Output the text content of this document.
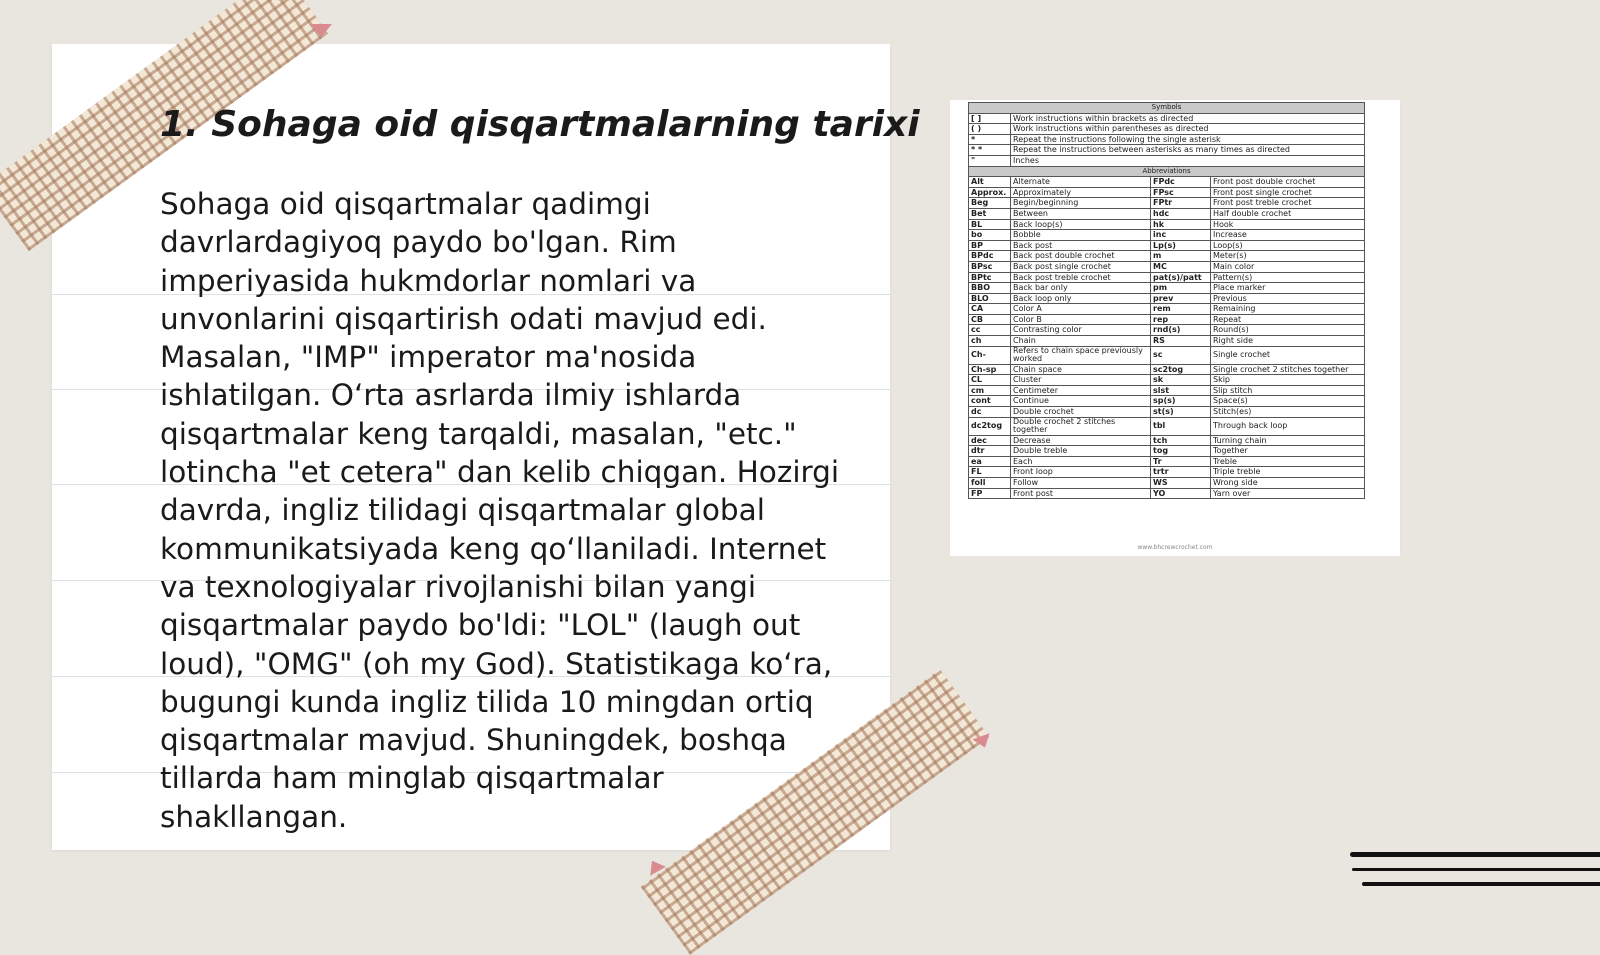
1. Sohaga oid qisqartmalarning tarixi

Sohaga oid qisqartmalar qadimgi davrlardagiyoq paydo bo'lgan. Rim imperiyasida hukmdorlar nomlari va unvonlarini qisqartirish odati mavjud edi. Masalan, "IMP" imperator ma'nosida ishlatilgan. O‘rta asrlarda ilmiy ishlarda qisqartmalar keng tarqaldi, masalan, "etc." lotincha "et cetera" dan kelib chiqgan. Hozirgi davrda, ingliz tilidagi qisqartmalar global kommunikatsiyada keng qo‘llaniladi. Internet va texnologiyalar rivojlanishi bilan yangi qisqartmalar paydo bo'ldi: "LOL" (laugh out loud), "OMG" (oh my God). Statistikaga ko‘ra, bugungi kunda ingliz tilida 10 mingdan ortiq qisqartmalar mavjud. Shuningdek, boshqa tillarda ham minglab qisqartmalar shakllangan.

Symbols			
[ ]	Work instructions within brackets as directed		
( )	Work instructions within parentheses as directed		
*	Repeat the instructions following the single asterisk		
* *	Repeat the instructions between asterisks as many times as directed		
"	Inches		
Abbreviations			
Alt	Alternate	FPdc	Front post double crochet
Approx.	Approximately	FPsc	Front post single crochet
Beg	Begin/beginning	FPtr	Front post treble crochet
Bet	Between	hdc	Half double crochet
BL	Back loop(s)	hk	Hook
bo	Bobble	inc	Increase
BP	Back post	Lp(s)	Loop(s)
BPdc	Back post double crochet	m	Meter(s)
BPsc	Back post single crochet	MC	Main color
BPtc	Back post treble crochet	pat(s)/patt	Pattern(s)
BBO	Back bar only	pm	Place marker
BLO	Back loop only	prev	Previous
CA	Color A	rem	Remaining
CB	Color B	rep	Repeat
cc	Contrasting color	rnd(s)	Round(s)
ch	Chain	RS	Right side
Ch-	Refers to chain space previously worked	sc	Single crochet
Ch-sp	Chain space	sc2tog	Single crochet 2 stitches together
CL	Cluster	sk	Skip
cm	Centimeter	slst	Slip stitch
cont	Continue	sp(s)	Space(s)
dc	Double crochet	st(s)	Stitch(es)
dc2tog	Double crochet 2 stitches together	tbl	Through back loop
dec	Decrease	tch	Turning chain
dtr	Double treble	tog	Together
ea	Each	Tr	Treble
FL	Front loop	trtr	Triple treble
foll	Follow	WS	Wrong side
FP	Front post	YO	Yarn over
www.bhcrewcrochet.com
